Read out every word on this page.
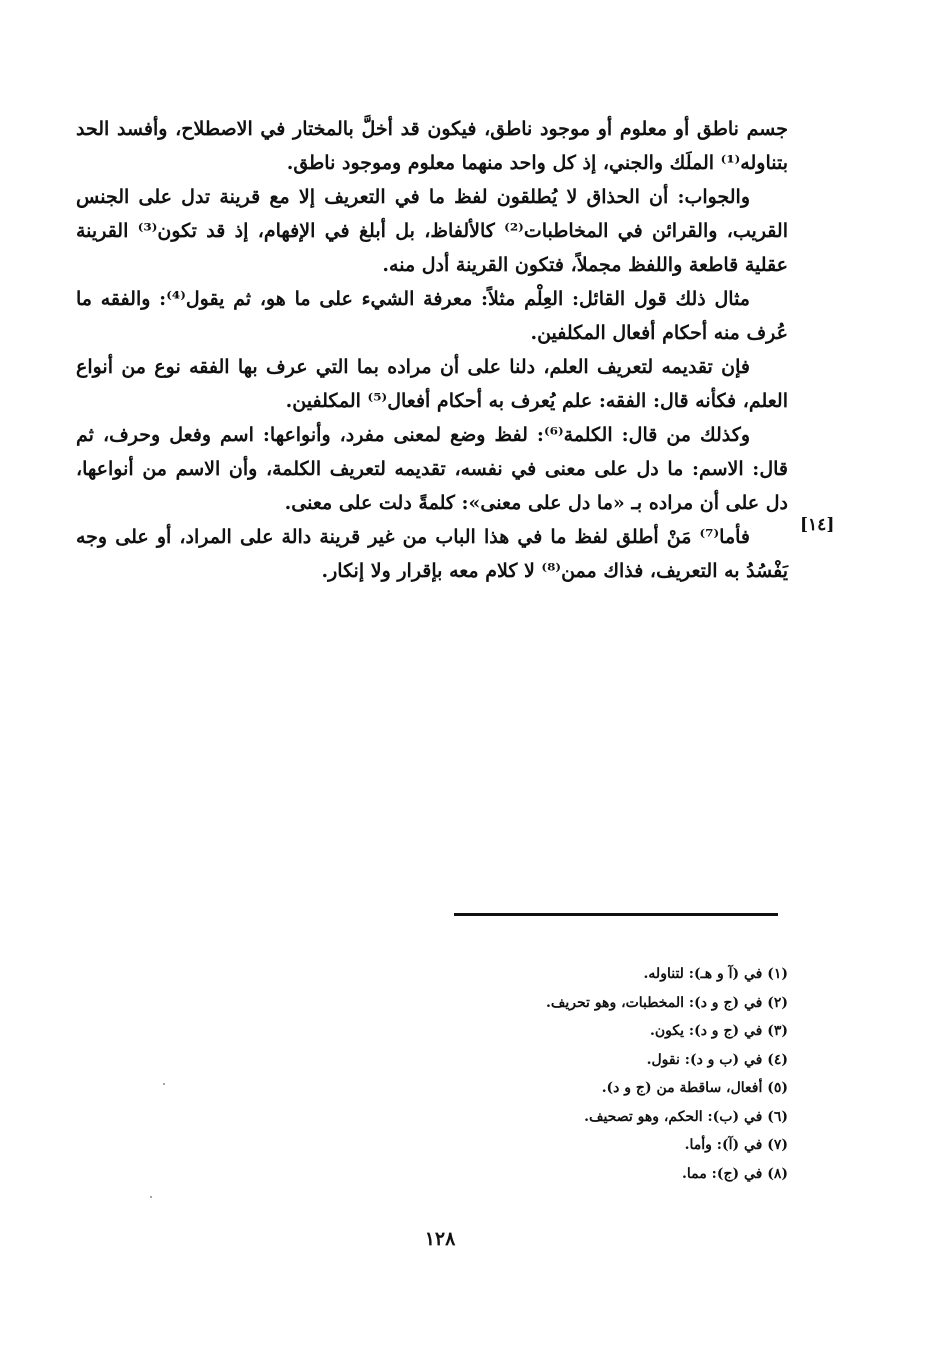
جسم ناطق أو معلوم أو موجود ناطق، فيكون قد أخلَّ بالمختار في الاصطلاح، وأفسد الحد بتناوله⁽¹⁾ الملَك والجني، إذ كل واحد منهما معلوم وموجود ناطق.

والجواب: أن الحذاق لا يُطلقون لفظ ما في التعريف إلا مع قرينة تدل على الجنس القريب، والقرائن في المخاطبات⁽²⁾ كالألفاظ، بل أبلغ في الإفهام، إذ قد تكون⁽³⁾ القرينة عقلية قاطعة واللفظ مجملاً، فتكون القرينة أدل منه.

مثال ذلك قول القائل: العِلْم مثلاً: معرفة الشيء على ما هو، ثم يقول⁽⁴⁾: والفقه ما عُرف منه أحكام أفعال المكلفين.

فإن تقديمه لتعريف العلم، دلنا على أن مراده بما التي عرف بها الفقه نوع من أنواع العلم، فكأنه قال: الفقه: علم يُعرف به أحكام أفعال⁽⁵⁾ المكلفين.

وكذلك من قال: الكلمة⁽⁶⁾: لفظ وضع لمعنى مفرد، وأنواعها: اسم وفعل وحرف، ثم قال: الاسم: ما دل على معنى في نفسه، تقديمه لتعريف الكلمة، وأن الاسم من أنواعها، دل على أن مراده بـ «ما دل على معنى»: كلمةً دلت على معنى.

فأما⁽⁷⁾ مَنْ أطلق لفظ ما في هذا الباب من غير قرينة دالة على المراد، أو على وجه يَفْسُدُ به التعريف، فذاك ممن⁽⁸⁾ لا كلام معه بإقرار ولا إنكار.

[١٤]

(١) في (آ و هـ): لتناوله.

(٢) في (ج و د): المخطبات، وهو تحريف.

(٣) في (ج و د): يكون.

(٤) في (ب و د): نقول.

(٥) أفعال، ساقطة من (ج و د).

(٦) في (ب): الحكم، وهو تصحيف.

(٧) في (آ): وأما.

(٨) في (ج): مما.

١٢٨
